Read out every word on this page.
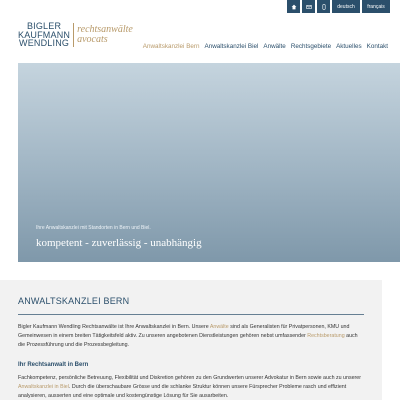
deutsch	français
BIGLER
KAUFMANN
WENDLING
rechtsanwälte
avocats
Anwaltskanzlei Bern Anwaltskanzlei Biel Anwälte Rechtsgebiete Aktuelles Kontakt
Ihre Anwaltskanzlei mit Standorten in Bern und Biel.
kompetent - zuverlässig - unabhängig
ANWALTSKANZLEI BERN

Bigler Kaufmann Wendling Rechtsanwälte ist Ihre Anwaltskanzlei in Bern. Unsere Anwälte sind als Generalisten für Privatpersonen, KMU und Gemeinwesen in einem breiten Tätigkeitsfeld aktiv. Zu unseren angebotenen Dienstleistungen gehören nebst umfassender Rechtsberatung auch die Prozessführung und die Prozessbegleitung.

Ihr Rechtsanwalt in Bern

Fachkompetenz, persönliche Betreuung, Flexibilität und Diskretion gehören zu den Grundwerten unserer Advokatur in Bern sowie auch zu unserer Anwaltskanzlei in Biel. Durch die überschaubare Grösse und die schlanke Struktur können unsere Fürsprecher Probleme rasch und effizient analysieren, ausserten und eine optimale und kostengünstige Lösung für Sie ausarbeiten.
